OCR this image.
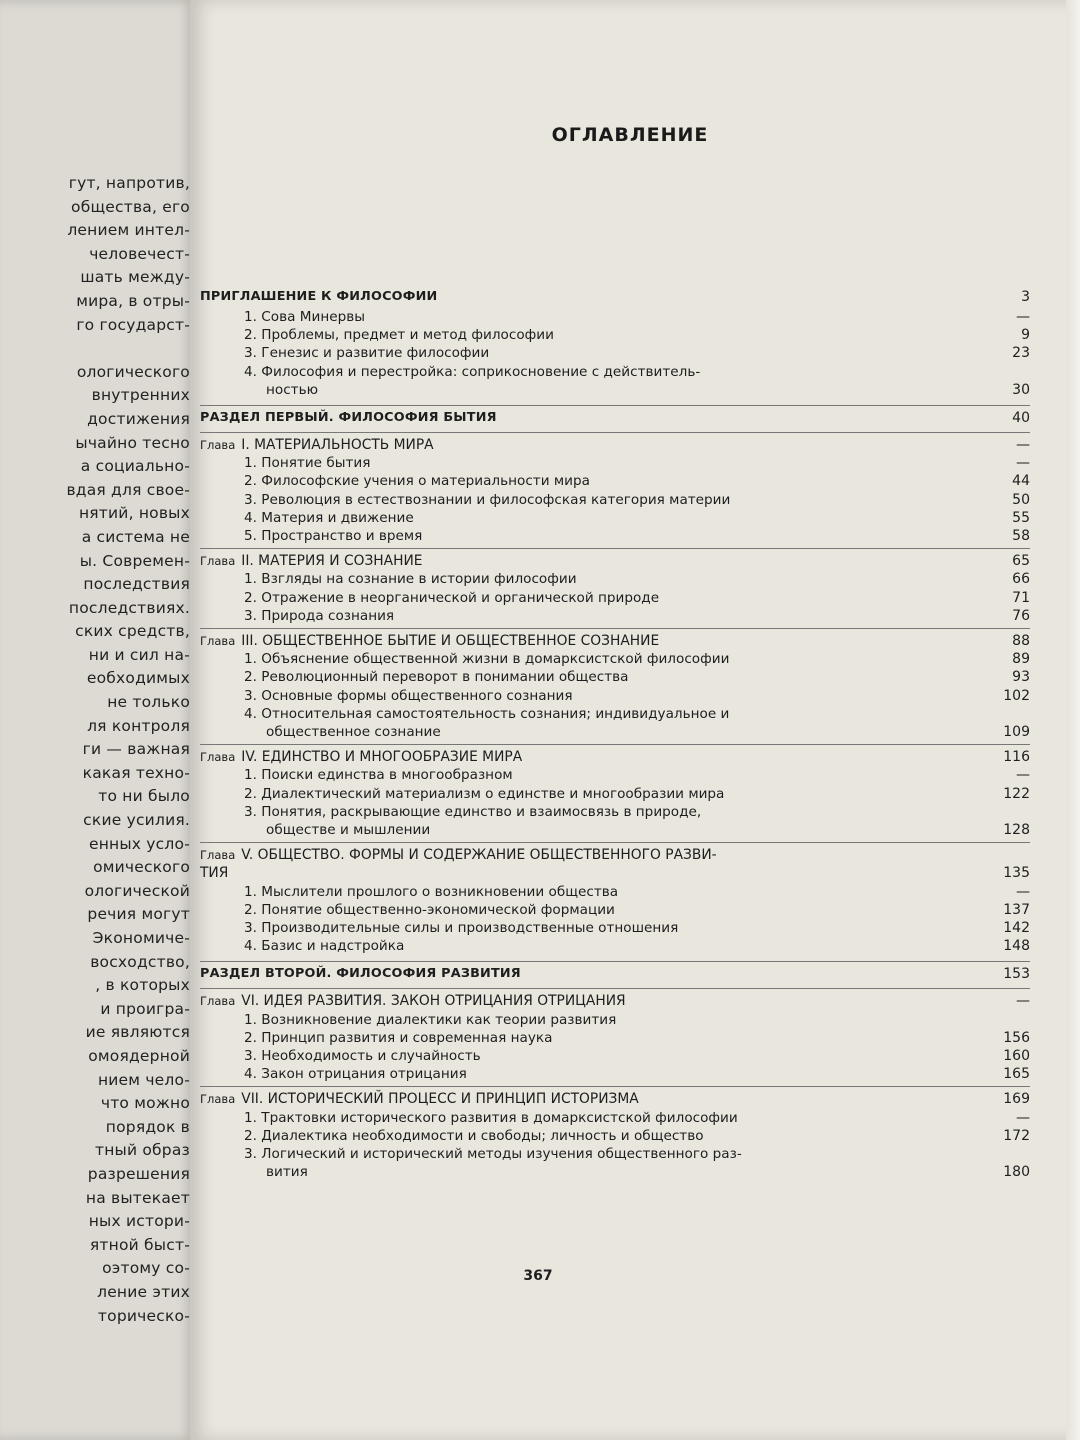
гут, напротив,
общества, его
лением интел-
человечест-
шать между-
мира, в отры-
го государст-
ологического
внутренних
достижения
ычайно тесно
а социально-
вдая для свое-
нятий, новых
а система не
ы. Современ-
последствия
последствиях.
ских средств,
ни и сил на-
еобходимых
не только
ля контроля
ги — важная
какая техно-
то ни было
ские усилия.
енных усло-
омического
ологической
речия могут
Экономиче-
восходство,
, в которых
и проигра-
ие являются
омоядерной
нием чело-
что можно
порядок в
тный образ
разрешения
на вытекает
ных истори-
ятной быст-
оэтому со-
ление этих
торическо-
ОГЛАВЛЕНИЕ
ПРИГЛАШЕНИЕ К ФИЛОСОФИИ	3
1. Сова Минервы	—
2. Проблемы, предмет и метод философии	9
3. Генезис и развитие философии	23
4. Философия и перестройка: соприкосновение с действитель-
ностью	30
РАЗДЕЛ ПЕРВЫЙ. ФИЛОСОФИЯ БЫТИЯ	40
Глава I. МАТЕРИАЛЬНОСТЬ МИРА	—
1. Понятие бытия	—
2. Философские учения о материальности мира	44
3. Революция в естествознании и философская категория материи	50
4. Материя и движение	55
5. Пространство и время	58
Глава II. МАТЕРИЯ И СОЗНАНИЕ	65
1. Взгляды на сознание в истории философии	66
2. Отражение в неорганической и органической природе	71
3. Природа сознания	76
Глава III. ОБЩЕСТВЕННОЕ БЫТИЕ И ОБЩЕСТВЕННОЕ СОЗНАНИЕ	88
1. Объяснение общественной жизни в домарксистской философии	89
2. Революционный переворот в понимании общества	93
3. Основные формы общественного сознания	102
4. Относительная самостоятельность сознания; индивидуальное и
общественное сознание	109
Глава IV. ЕДИНСТВО И МНОГООБРАЗИЕ МИРА	116
1. Поиски единства в многообразном	—
2. Диалектический материализм о единстве и многообразии мира	122
3. Понятия, раскрывающие единство и взаимосвязь в природе,
обществе и мышлении	128
Глава V. ОБЩЕСТВО. ФОРМЫ И СОДЕРЖАНИЕ ОБЩЕСТВЕННОГО РАЗВИ-
ТИЯ	135
1. Мыслители прошлого о возникновении общества	—
2. Понятие общественно-экономической формации	137
3. Производительные силы и производственные отношения	142
4. Базис и надстройка	148
РАЗДЕЛ ВТОРОЙ. ФИЛОСОФИЯ РАЗВИТИЯ	153
Глава VI. ИДЕЯ РАЗВИТИЯ. ЗАКОН ОТРИЦАНИЯ ОТРИЦАНИЯ	—
1. Возникновение диалектики как теории развития
2. Принцип развития и современная наука	156
3. Необходимость и случайность	160
4. Закон отрицания отрицания	165
Глава VII. ИСТОРИЧЕСКИЙ ПРОЦЕСС И ПРИНЦИП ИСТОРИЗМА	169
1. Трактовки исторического развития в домарксистской философии	—
2. Диалектика необходимости и свободы; личность и общество	172
3. Логический и исторический методы изучения общественного раз-
вития	180
367
